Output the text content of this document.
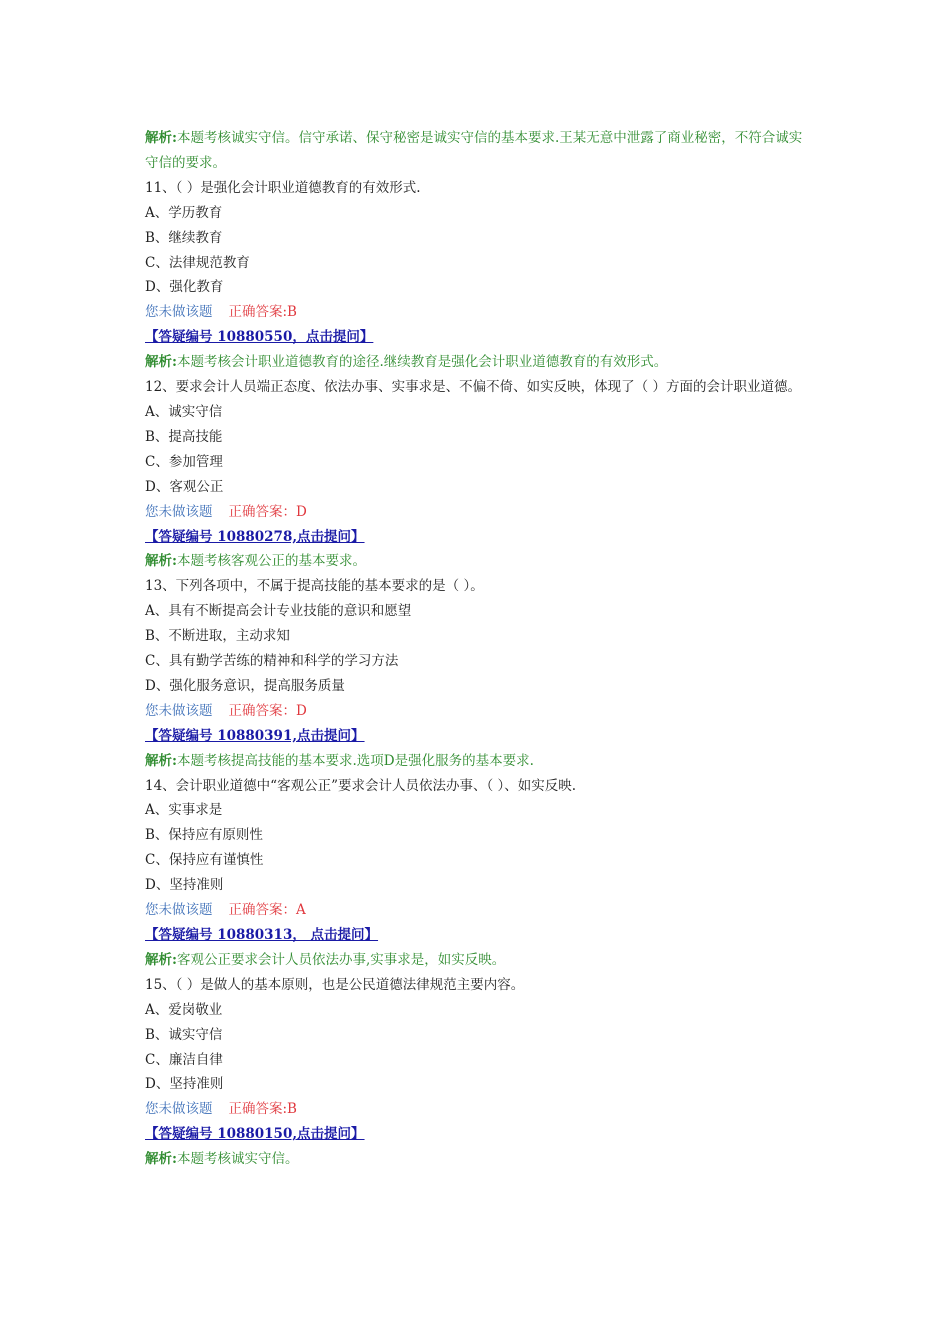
解析:本题考核诚实守信。信守承诺、保守秘密是诚实守信的基本要求.王某无意中泄露了商业秘密，不符合诚实守信的要求。
11、（ ）是强化会计职业道德教育的有效形式.
A、学历教育
B、继续教育
C、法律规范教育
D、强化教育
您未做该题 正确答案:B
【答疑编号 10880550，点击提问】
解析:本题考核会计职业道德教育的途径.继续教育是强化会计职业道德教育的有效形式。
12、要求会计人员端正态度、依法办事、实事求是、不偏不倚、如实反映，体现了（ ）方面的会计职业道德。
A、诚实守信
B、提高技能
C、参加管理
D、客观公正
您未做该题 正确答案：D
【答疑编号 10880278,点击提问】
解析:本题考核客观公正的基本要求。
13、下列各项中，不属于提高技能的基本要求的是（ ）。
A、具有不断提高会计专业技能的意识和愿望
B、不断进取，主动求知
C、具有勤学苦练的精神和科学的学习方法
D、强化服务意识，提高服务质量
您未做该题 正确答案：D
【答疑编号 10880391,点击提问】
解析:本题考核提高技能的基本要求.选项D是强化服务的基本要求.
14、会计职业道德中“客观公正”要求会计人员依法办事、（ ）、如实反映.
A、实事求是
B、保持应有原则性
C、保持应有谨慎性
D、坚持准则
您未做该题 正确答案：A
【答疑编号 10880313， 点击提问】
解析:客观公正要求会计人员依法办事,实事求是，如实反映。
15、（ ）是做人的基本原则，也是公民道德法律规范主要内容。
A、爱岗敬业
B、诚实守信
C、廉洁自律
D、坚持准则
您未做该题 正确答案:B
【答疑编号 10880150,点击提问】
解析:本题考核诚实守信。
